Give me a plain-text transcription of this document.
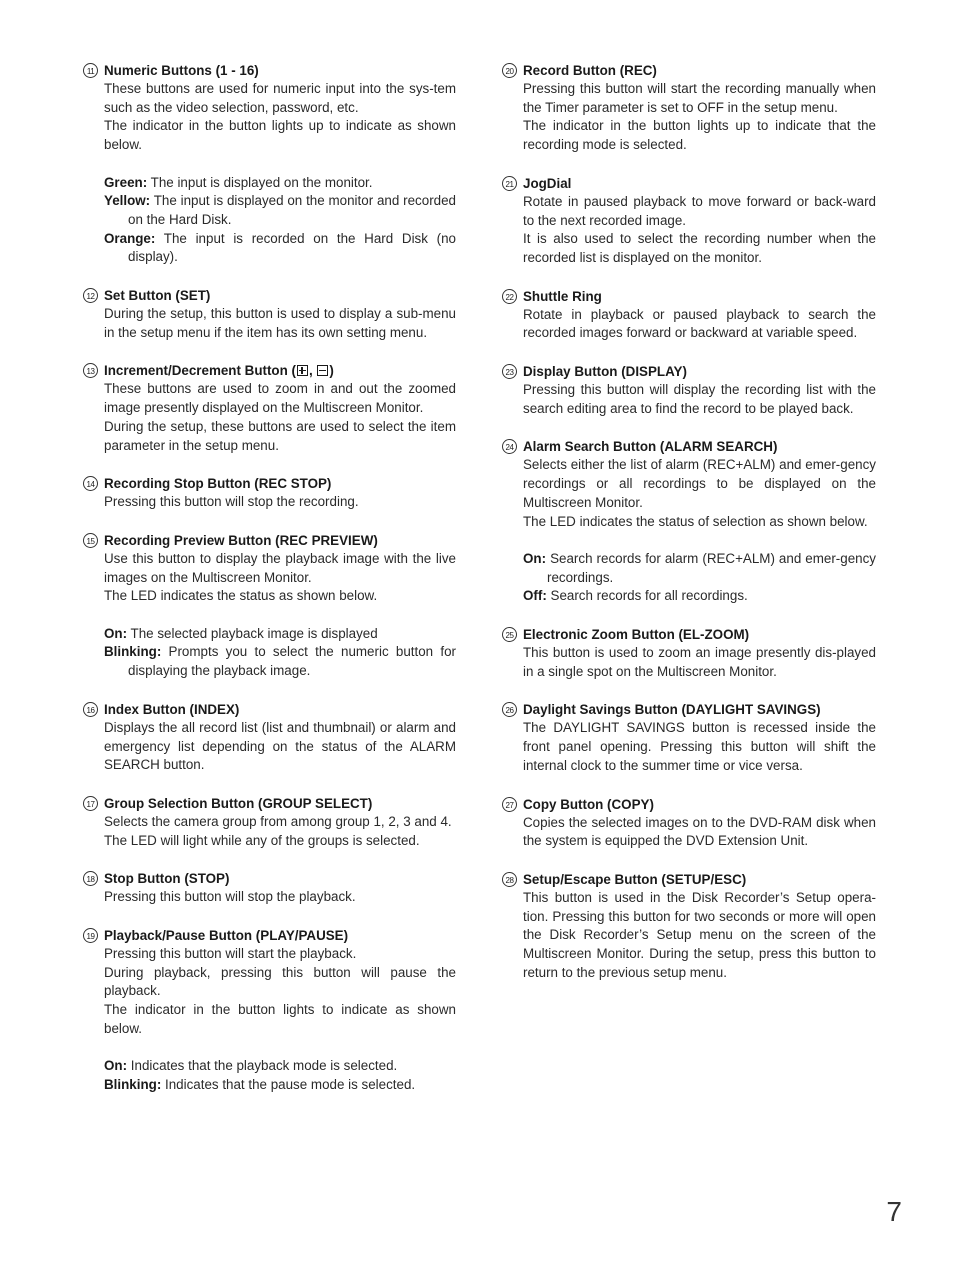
11 Numeric Buttons (1 - 16)

These buttons are used for numeric input into the sys-tem such as the video selection, password, etc.

The indicator in the button lights up to indicate as shown below.

Green: The input is displayed on the monitor.

Yellow: The input is displayed on the monitor and recorded on the Hard Disk.

Orange: The input is recorded on the Hard Disk (no display).

12 Set Button (SET)

During the setup, this button is used to display a sub-menu in the setup menu if the item has its own setting menu.

13 Increment/Decrement Button ( , )

These buttons are used to zoom in and out the zoomed image presently displayed on the Multiscreen Monitor.

During the setup, these buttons are used to select the item parameter in the setup menu.

14 Recording Stop Button (REC STOP)

Pressing this button will stop the recording.

15 Recording Preview Button (REC PREVIEW)

Use this button to display the playback image with the live images on the Multiscreen Monitor.

The LED indicates the status as shown below.

On: The selected playback image is displayed

Blinking: Prompts you to select the numeric button for displaying the playback image.

16 Index Button (INDEX)

Displays the all record list (list and thumbnail) or alarm and emergency list depending on the status of the ALARM SEARCH button.

17 Group Selection Button (GROUP SELECT)

Selects the camera group from among group 1, 2, 3 and 4.

The LED will light while any of the groups is selected.

18 Stop Button (STOP)

Pressing this button will stop the playback.

19 Playback/Pause Button (PLAY/PAUSE)

Pressing this button will start the playback.

During playback, pressing this button will pause the playback.

The indicator in the button lights to indicate as shown below.

On: Indicates that the playback mode is selected.

Blinking: Indicates that the pause mode is selected.

20 Record Button (REC)

Pressing this button will start the recording manually when the Timer parameter is set to OFF in the setup menu.

The indicator in the button lights up to indicate that the recording mode is selected.

21 JogDial

Rotate in paused playback to move forward or back-ward to the next recorded image.

It is also used to select the recording number when the recorded list is displayed on the monitor.

22 Shuttle Ring

Rotate in playback or paused playback to search the recorded images forward or backward at variable speed.

23 Display Button (DISPLAY)

Pressing this button will display the recording list with the search editing area to find the record to be played back.

24 Alarm Search Button (ALARM SEARCH)

Selects either the list of alarm (REC+ALM) and emer-gency recordings or all recordings to be displayed on the Multiscreen Monitor.

The LED indicates the status of selection as shown below.

On: Search records for alarm (REC+ALM) and emer-gency recordings.

Off: Search records for all recordings.

25 Electronic Zoom Button (EL-ZOOM)

This button is used to zoom an image presently dis-played in a single spot on the Multiscreen Monitor.

26 Daylight Savings Button (DAYLIGHT SAVINGS)

The DAYLIGHT SAVINGS button is recessed inside the front panel opening. Pressing this button will shift the internal clock to the summer time or vice versa.

27 Copy Button (COPY)

Copies the selected images on to the DVD-RAM disk when the system is equipped the DVD Extension Unit.

28 Setup/Escape Button (SETUP/ESC)

This button is used in the Disk Recorder’s Setup opera-tion. Pressing this button for two seconds or more will open the Disk Recorder’s Setup menu on the screen of the Multiscreen Monitor. During the setup, press this button to return to the previous setup menu.

7
